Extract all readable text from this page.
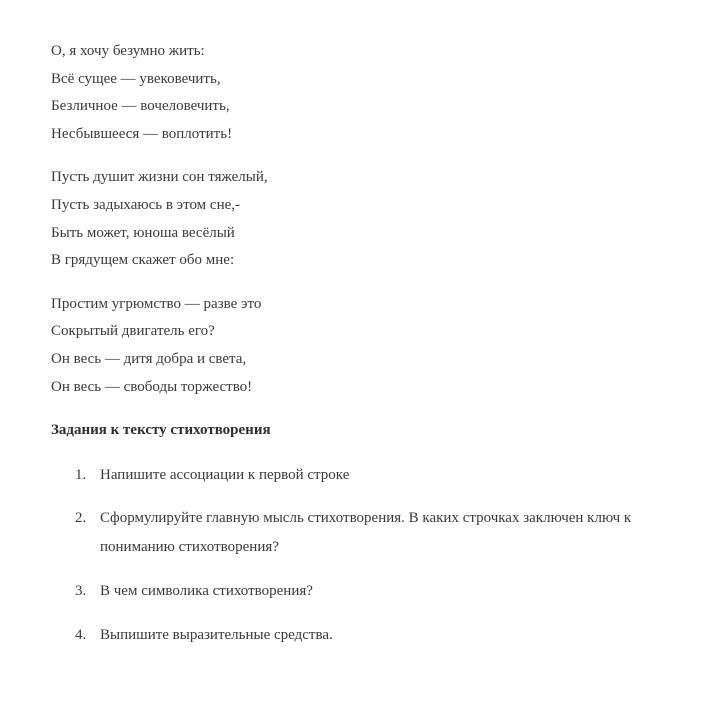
О, я хочу безумно жить:
Всё сущее — увековечить,
Безличное — вочеловечить,
Несбывшееся — воплотить!
Пусть душит жизни сон тяжелый,
Пусть задыхаюсь в этом сне,-
Быть может, юноша весёлый
В грядущем скажет обо мне:
Простим угрюмство — разве это
Сокрытый двигатель его?
Он весь — дитя добра и света,
Он весь — свободы торжество!
Задания к тексту стихотворения
1. Напишите ассоциации к первой строке
2. Сформулируйте главную мысль стихотворения. В каких строчках заключен ключ к пониманию стихотворения?
3. В чем символика стихотворения?
4. Выпишите выразительные средства.
